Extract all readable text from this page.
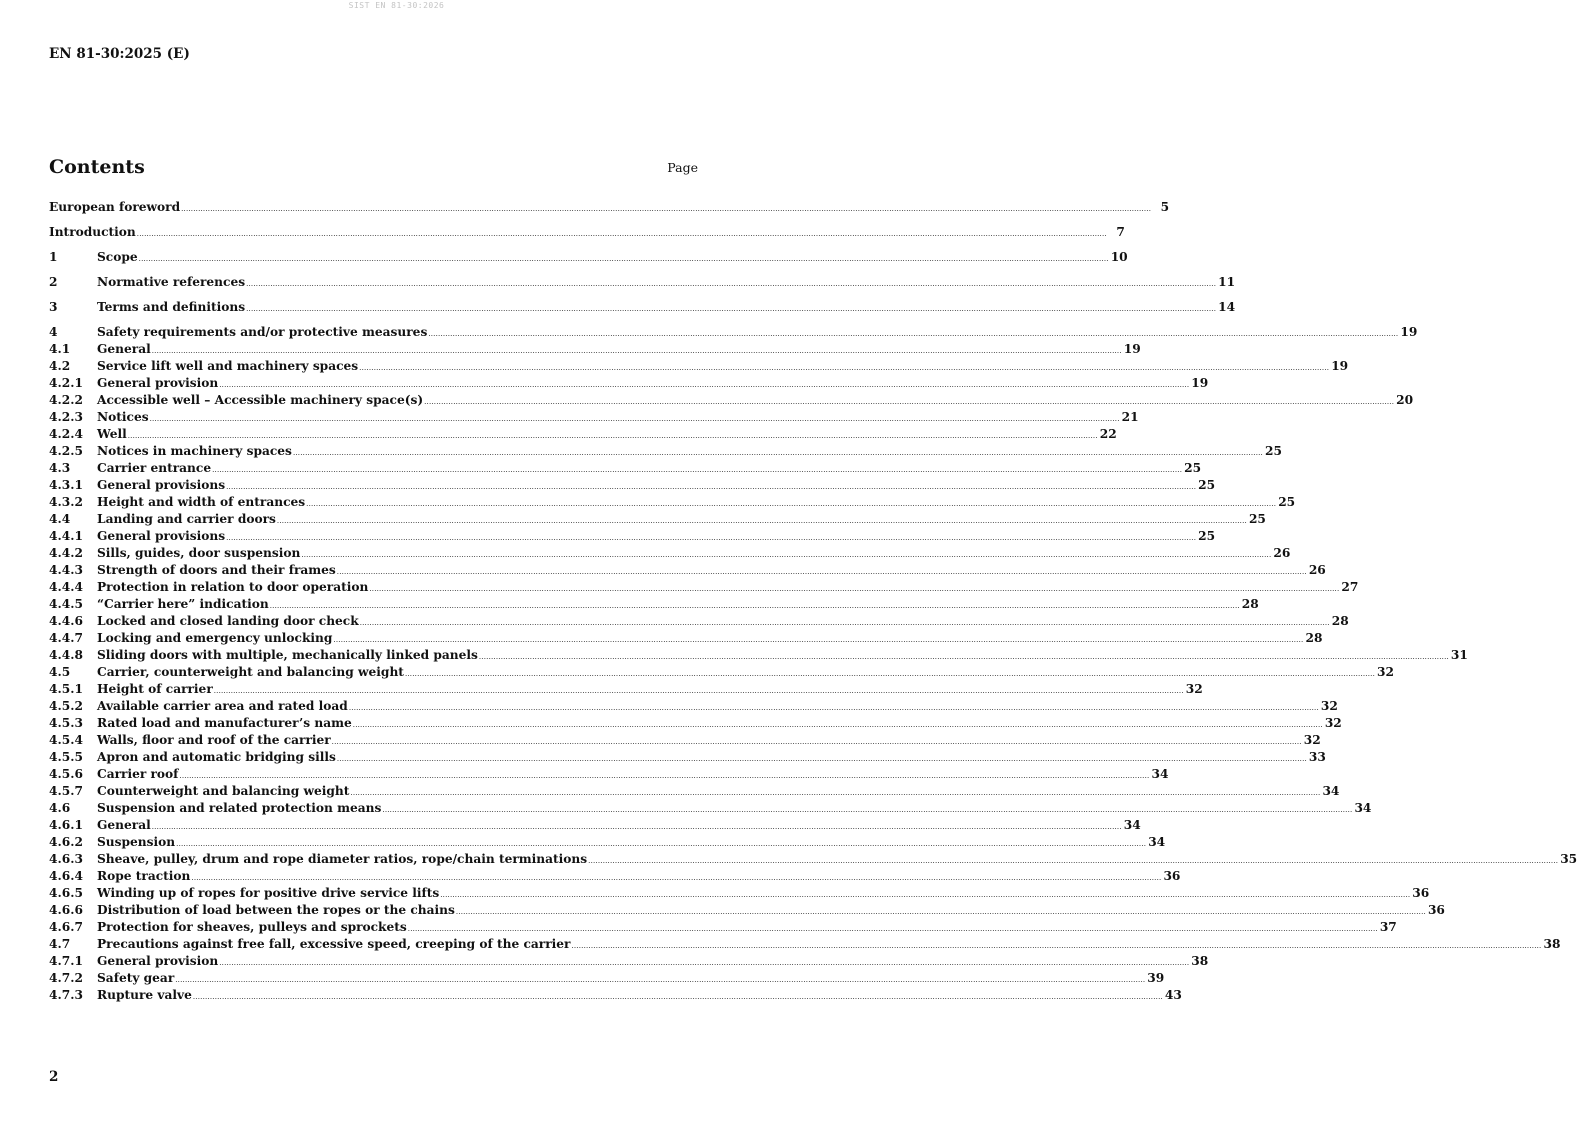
SIST EN 81-30:2026
EN 81-30:2025 (E)
Contents	Page
European foreword ................................................................................................................................................................................................................................................................................................................................................................................................................ 5
Introduction ................................................................................................................................................................................................................................................................................................................................................................................................................ 7
1	Scope ................................................................................................................................................................................................................................................................................................................................................................................................................ 10
2	Normative references ................................................................................................................................................................................................................................................................................................................................................................................................................ 11
3	Terms and definitions ................................................................................................................................................................................................................................................................................................................................................................................................................ 14
4	Safety requirements and/or protective measures ................................................................................................................................................................................................................................................................................................................................................................................................................ 19
4.1	General ................................................................................................................................................................................................................................................................................................................................................................................................................ 19
4.2	Service lift well and machinery spaces ................................................................................................................................................................................................................................................................................................................................................................................................................ 19
4.2.1	General provision ................................................................................................................................................................................................................................................................................................................................................................................................................ 19
4.2.2	Accessible well – Accessible machinery space(s) ................................................................................................................................................................................................................................................................................................................................................................................................................ 20
4.2.3	Notices ................................................................................................................................................................................................................................................................................................................................................................................................................ 21
4.2.4	Well ................................................................................................................................................................................................................................................................................................................................................................................................................ 22
4.2.5	Notices in machinery spaces ................................................................................................................................................................................................................................................................................................................................................................................................................ 25
4.3	Carrier entrance ................................................................................................................................................................................................................................................................................................................................................................................................................ 25
4.3.1	General provisions ................................................................................................................................................................................................................................................................................................................................................................................................................ 25
4.3.2	Height and width of entrances ................................................................................................................................................................................................................................................................................................................................................................................................................ 25
4.4	Landing and carrier doors ................................................................................................................................................................................................................................................................................................................................................................................................................ 25
4.4.1	General provisions ................................................................................................................................................................................................................................................................................................................................................................................................................ 25
4.4.2	Sills, guides, door suspension ................................................................................................................................................................................................................................................................................................................................................................................................................ 26
4.4.3	Strength of doors and their frames ................................................................................................................................................................................................................................................................................................................................................................................................................ 26
4.4.4	Protection in relation to door operation ................................................................................................................................................................................................................................................................................................................................................................................................................ 27
4.4.5	“Carrier here” indication ................................................................................................................................................................................................................................................................................................................................................................................................................ 28
4.4.6	Locked and closed landing door check ................................................................................................................................................................................................................................................................................................................................................................................................................ 28
4.4.7	Locking and emergency unlocking ................................................................................................................................................................................................................................................................................................................................................................................................................ 28
4.4.8	Sliding doors with multiple, mechanically linked panels ................................................................................................................................................................................................................................................................................................................................................................................................................ 31
4.5	Carrier, counterweight and balancing weight ................................................................................................................................................................................................................................................................................................................................................................................................................ 32
4.5.1	Height of carrier ................................................................................................................................................................................................................................................................................................................................................................................................................ 32
4.5.2	Available carrier area and rated load ................................................................................................................................................................................................................................................................................................................................................................................................................ 32
4.5.3	Rated load and manufacturer’s name ................................................................................................................................................................................................................................................................................................................................................................................................................ 32
4.5.4	Walls, floor and roof of the carrier ................................................................................................................................................................................................................................................................................................................................................................................................................ 32
4.5.5	Apron and automatic bridging sills ................................................................................................................................................................................................................................................................................................................................................................................................................ 33
4.5.6	Carrier roof ................................................................................................................................................................................................................................................................................................................................................................................................................ 34
4.5.7	Counterweight and balancing weight ................................................................................................................................................................................................................................................................................................................................................................................................................ 34
4.6	Suspension and related protection means ................................................................................................................................................................................................................................................................................................................................................................................................................ 34
4.6.1	General ................................................................................................................................................................................................................................................................................................................................................................................................................ 34
4.6.2	Suspension ................................................................................................................................................................................................................................................................................................................................................................................................................ 34
4.6.3	Sheave, pulley, drum and rope diameter ratios, rope/chain terminations ................................................................................................................................................................................................................................................................................................................................................................................................................ 35
4.6.4	Rope traction ................................................................................................................................................................................................................................................................................................................................................................................................................ 36
4.6.5	Winding up of ropes for positive drive service lifts ................................................................................................................................................................................................................................................................................................................................................................................................................ 36
4.6.6	Distribution of load between the ropes or the chains ................................................................................................................................................................................................................................................................................................................................................................................................................ 36
4.6.7	Protection for sheaves, pulleys and sprockets ................................................................................................................................................................................................................................................................................................................................................................................................................ 37
4.7	Precautions against free fall, excessive speed, creeping of the carrier ................................................................................................................................................................................................................................................................................................................................................................................................................ 38
4.7.1	General provision ................................................................................................................................................................................................................................................................................................................................................................................................................ 38
4.7.2	Safety gear ................................................................................................................................................................................................................................................................................................................................................................................................................ 39
4.7.3	Rupture valve ................................................................................................................................................................................................................................................................................................................................................................................................................ 43
2
